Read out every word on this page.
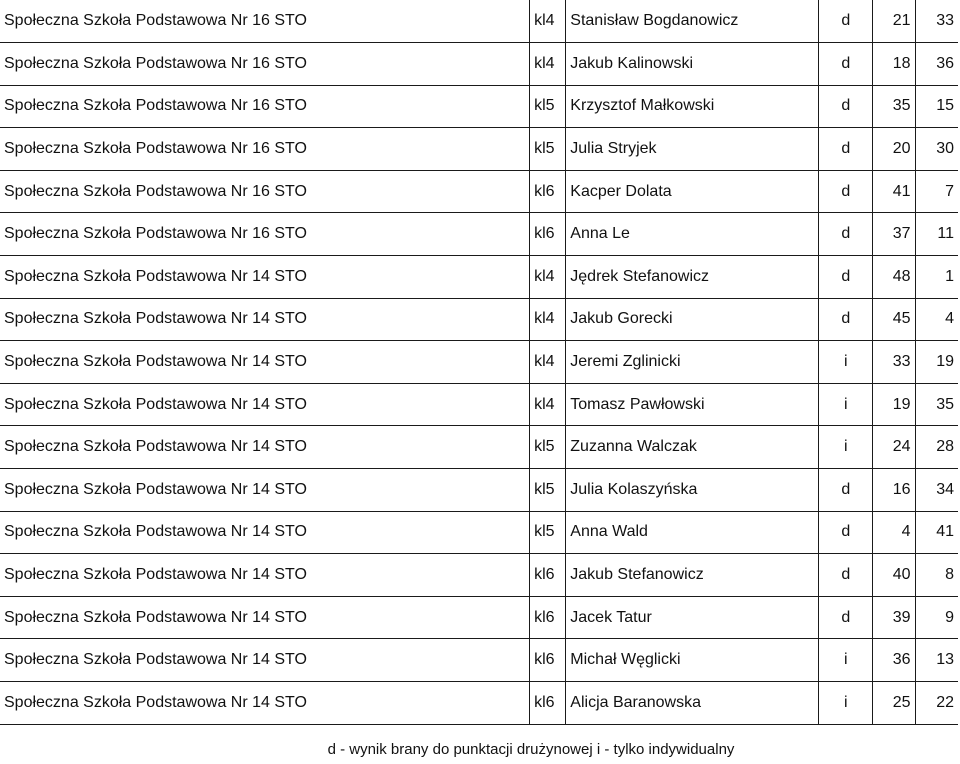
Społeczna Szkoła Podstawowa Nr 16 STO	kl4	Stanisław Bogdanowicz	d	21	33
Społeczna Szkoła Podstawowa Nr 16 STO	kl4	Jakub Kalinowski	d	18	36
Społeczna Szkoła Podstawowa Nr 16 STO	kl5	Krzysztof Małkowski	d	35	15
Społeczna Szkoła Podstawowa Nr 16 STO	kl5	Julia Stryjek	d	20	30
Społeczna Szkoła Podstawowa Nr 16 STO	kl6	Kacper Dolata	d	41	7
Społeczna Szkoła Podstawowa Nr 16 STO	kl6	Anna Le	d	37	11
Społeczna Szkoła Podstawowa Nr 14 STO	kl4	Jędrek Stefanowicz	d	48	1
Społeczna Szkoła Podstawowa Nr 14 STO	kl4	Jakub Gorecki	d	45	4
Społeczna Szkoła Podstawowa Nr 14 STO	kl4	Jeremi Zglinicki	i	33	19
Społeczna Szkoła Podstawowa Nr 14 STO	kl4	Tomasz Pawłowski	i	19	35
Społeczna Szkoła Podstawowa Nr 14 STO	kl5	Zuzanna Walczak	i	24	28
Społeczna Szkoła Podstawowa Nr 14 STO	kl5	Julia Kolaszyńska	d	16	34
Społeczna Szkoła Podstawowa Nr 14 STO	kl5	Anna Wald	d	4	41
Społeczna Szkoła Podstawowa Nr 14 STO	kl6	Jakub Stefanowicz	d	40	8
Społeczna Szkoła Podstawowa Nr 14 STO	kl6	Jacek Tatur	d	39	9
Społeczna Szkoła Podstawowa Nr 14 STO	kl6	Michał Węglicki	i	36	13
Społeczna Szkoła Podstawowa Nr 14 STO	kl6	Alicja Baranowska	i	25	22
d - wynik brany do punktacji drużynowej i - tylko indywidualny
